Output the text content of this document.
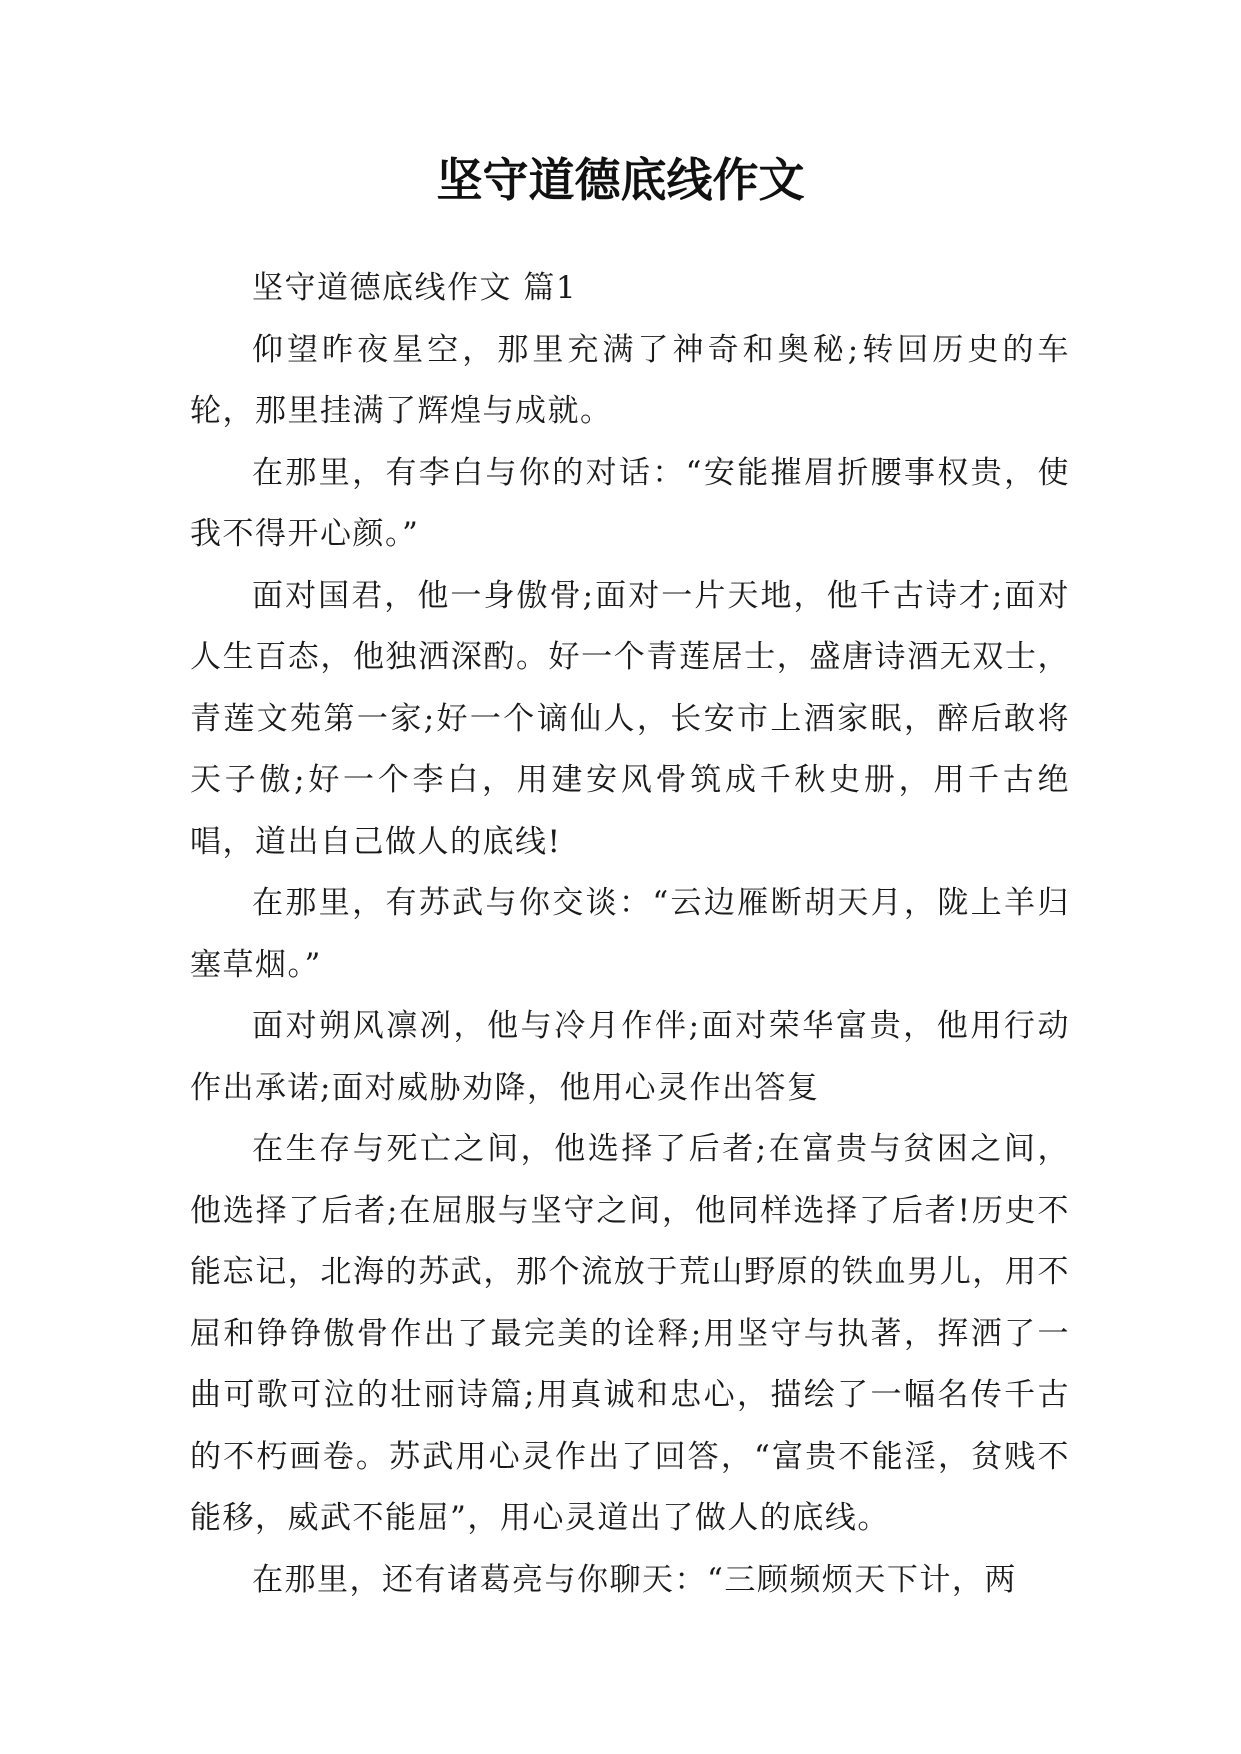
坚守道德底线作文

坚守道德底线作文 篇1

仰望昨夜星空，那里充满了神奇和奥秘;转回历史的车轮，那里挂满了辉煌与成就。

在那里，有李白与你的对话：“安能摧眉折腰事权贵，使我不得开心颜。”

面对国君，他一身傲骨;面对一片天地，他千古诗才;面对人生百态，他独洒深酌。好一个青莲居士，盛唐诗酒无双士，青莲文苑第一家;好一个谪仙人，长安市上酒家眠，醉后敢将天子傲;好一个李白，用建安风骨筑成千秋史册，用千古绝唱，道出自己做人的底线!

在那里，有苏武与你交谈：“云边雁断胡天月，陇上羊归塞草烟。”

面对朔风凛冽，他与冷月作伴;面对荣华富贵，他用行动作出承诺;面对威胁劝降，他用心灵作出答复

在生存与死亡之间，他选择了后者;在富贵与贫困之间，他选择了后者;在屈服与坚守之间，他同样选择了后者!历史不能忘记，北海的苏武，那个流放于荒山野原的铁血男儿，用不屈和铮铮傲骨作出了最完美的诠释;用坚守与执著，挥洒了一曲可歌可泣的壮丽诗篇;用真诚和忠心，描绘了一幅名传千古的不朽画卷。苏武用心灵作出了回答，“富贵不能淫，贫贱不能移，威武不能屈”，用心灵道出了做人的底线。

在那里，还有诸葛亮与你聊天：“三顾频烦天下计，两
